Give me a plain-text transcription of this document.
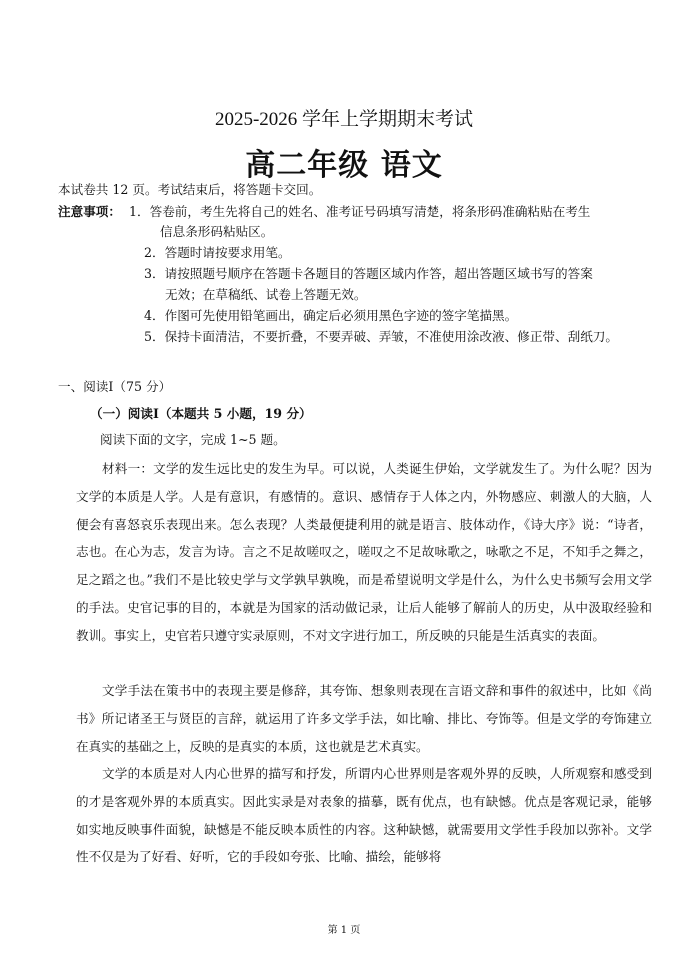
2025-2026 学年上学期期末考试
高二年级 语文
本试卷共 12 页。考试结束后，将答题卡交回。
注意事项： 1．答卷前，考生先将自己的姓名、准考证号码填写清楚，将条形码准确粘贴在考生
信息条形码粘贴区。
2．答题时请按要求用笔。
3．请按照题号顺序在答题卡各题目的答题区域内作答，超出答题区域书写的答案
无效；在草稿纸、试卷上答题无效。
4．作图可先使用铅笔画出，确定后必须用黑色字迹的签字笔描黑。
5．保持卡面清洁，不要折叠，不要弄破、弄皱，不准使用涂改液、修正带、刮纸刀。
一、阅读Ⅰ（75 分）
（一）阅读Ⅰ（本题共 5 小题，19 分）
阅读下面的文字，完成 1~5 题。
材料一：文学的发生远比史的发生为早。可以说，人类诞生伊始，文学就发生了。为什么呢？因为文学的本质是人学。人是有意识，有感情的。意识、感情存于人体之内，外物感应、刺激人的大脑，人便会有喜怒哀乐表现出来。怎么表现？人类最便捷利用的就是语言、肢体动作，《诗大序》说：“诗者，志也。在心为志，发言为诗。言之不足故嗟叹之，嗟叹之不足故咏歌之，咏歌之不足，不知手之舞之，足之蹈之也。”我们不是比较史学与文学孰早孰晚，而是希望说明文学是什么，为什么史书频写会用文学的手法。史官记事的目的，本就是为国家的活动做记录，让后人能够了解前人的历史，从中汲取经验和教训。事实上，史官若只遵守实录原则，不对文字进行加工，所反映的只能是生活真实的表面。
文学手法在策书中的表现主要是修辞，其夸饰、想象则表现在言语文辞和事件的叙述中，比如《尚书》所记诸圣王与贤臣的言辞，就运用了许多文学手法，如比喻、排比、夸饰等。但是文学的夸饰建立在真实的基础之上，反映的是真实的本质，这也就是艺术真实。
文学的本质是对人内心世界的描写和抒发，所谓内心世界则是客观外界的反映，人所观察和感受到的才是客观外界的本质真实。因此实录是对表象的描摹，既有优点，也有缺憾。优点是客观记录，能够如实地反映事件面貌，缺憾是不能反映本质性的内容。这种缺憾，就需要用文学性手段加以弥补。文学性不仅是为了好看、好听，它的手段如夸张、比喻、描绘，能够将
第 1 页
